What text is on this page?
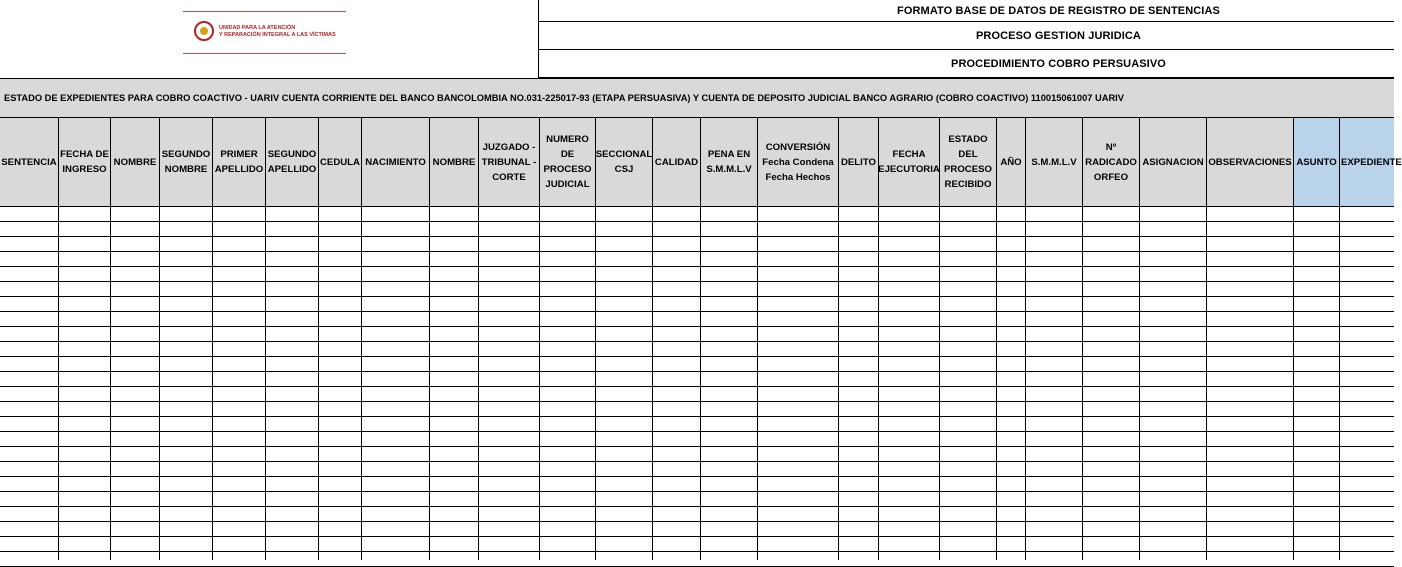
UNIDAD PARA LA ATENCIÓN
Y REPARACIÓN INTEGRAL A LAS VÍCTIMAS
FORMATO BASE DE DATOS DE REGISTRO DE SENTENCIAS
PROCESO GESTION JURIDICA
PROCEDIMIENTO COBRO PERSUASIVO
ESTADO DE EXPEDIENTES PARA COBRO COACTIVO - UARIV CUENTA CORRIENTE DEL BANCO BANCOLOMBIA NO.031-225017-93 (ETAPA PERSUASIVA) Y CUENTA DE DEPOSITO JUDICIAL BANCO AGRARIO (COBRO COACTIVO) 110015061007 UARIV
SENTENCIA
FECHA DE
INGRESO
NOMBRE
SEGUNDO
NOMBRE
PRIMER
APELLIDO
SEGUNDO
APELLIDO
CEDULA NACIMIENTO NOMBRE
JUZGADO -
TRIBUNAL -
CORTE
NUMERO
DE
PROCESO
JUDICIAL
SECCIONAL
CSJ
CALIDAD
PENA EN
S.M.M.L.V
CONVERSIÓN
Fecha Condena
Fecha Hechos
DELITO
FECHA
EJECUTORIA
ESTADO
DEL
PROCESO
RECIBIDO
AÑO	S.M.M.L.V
Nº
RADICADO
ORFEO
ASIGNACION OBSERVACIONES ASUNTO EXPEDIENTE
